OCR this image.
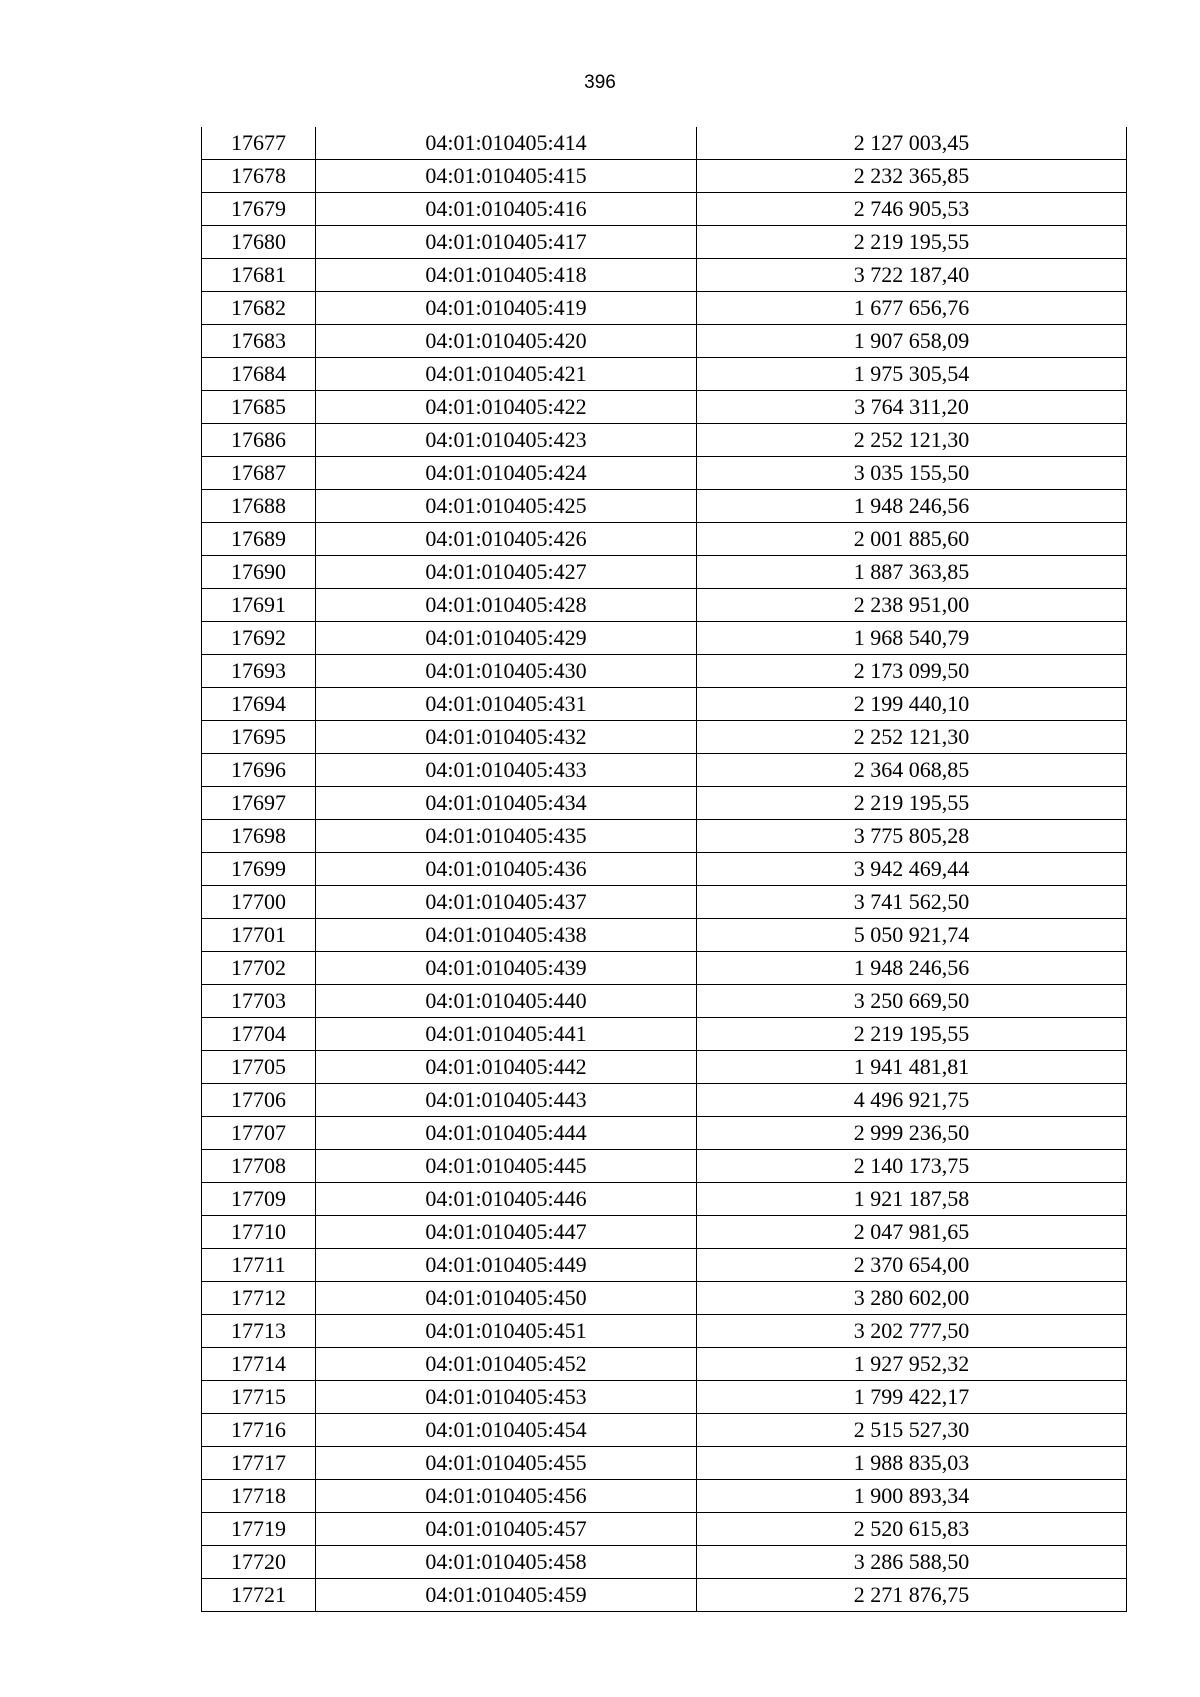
396
17677	04:01:010405:414	2 127 003,45
17678	04:01:010405:415	2 232 365,85
17679	04:01:010405:416	2 746 905,53
17680	04:01:010405:417	2 219 195,55
17681	04:01:010405:418	3 722 187,40
17682	04:01:010405:419	1 677 656,76
17683	04:01:010405:420	1 907 658,09
17684	04:01:010405:421	1 975 305,54
17685	04:01:010405:422	3 764 311,20
17686	04:01:010405:423	2 252 121,30
17687	04:01:010405:424	3 035 155,50
17688	04:01:010405:425	1 948 246,56
17689	04:01:010405:426	2 001 885,60
17690	04:01:010405:427	1 887 363,85
17691	04:01:010405:428	2 238 951,00
17692	04:01:010405:429	1 968 540,79
17693	04:01:010405:430	2 173 099,50
17694	04:01:010405:431	2 199 440,10
17695	04:01:010405:432	2 252 121,30
17696	04:01:010405:433	2 364 068,85
17697	04:01:010405:434	2 219 195,55
17698	04:01:010405:435	3 775 805,28
17699	04:01:010405:436	3 942 469,44
17700	04:01:010405:437	3 741 562,50
17701	04:01:010405:438	5 050 921,74
17702	04:01:010405:439	1 948 246,56
17703	04:01:010405:440	3 250 669,50
17704	04:01:010405:441	2 219 195,55
17705	04:01:010405:442	1 941 481,81
17706	04:01:010405:443	4 496 921,75
17707	04:01:010405:444	2 999 236,50
17708	04:01:010405:445	2 140 173,75
17709	04:01:010405:446	1 921 187,58
17710	04:01:010405:447	2 047 981,65
17711	04:01:010405:449	2 370 654,00
17712	04:01:010405:450	3 280 602,00
17713	04:01:010405:451	3 202 777,50
17714	04:01:010405:452	1 927 952,32
17715	04:01:010405:453	1 799 422,17
17716	04:01:010405:454	2 515 527,30
17717	04:01:010405:455	1 988 835,03
17718	04:01:010405:456	1 900 893,34
17719	04:01:010405:457	2 520 615,83
17720	04:01:010405:458	3 286 588,50
17721	04:01:010405:459	2 271 876,75
